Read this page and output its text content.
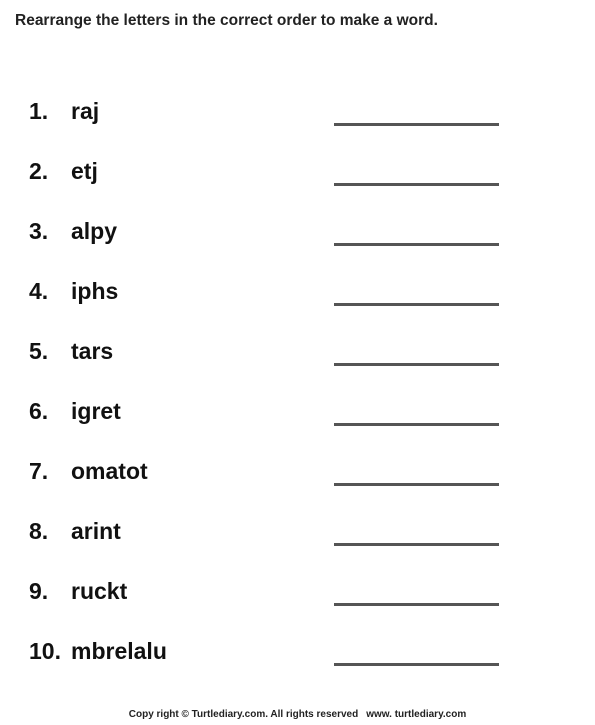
Rearrange the letters in the correct order to make a word.
1. raj
2. etj
3. alpy
4. iphs
5. tars
6. igret
7. omatot
8. arint
9. ruckt
10. mbrelalu
Copy right © Turtlediary.com. All rights reserved www. turtlediary.com
